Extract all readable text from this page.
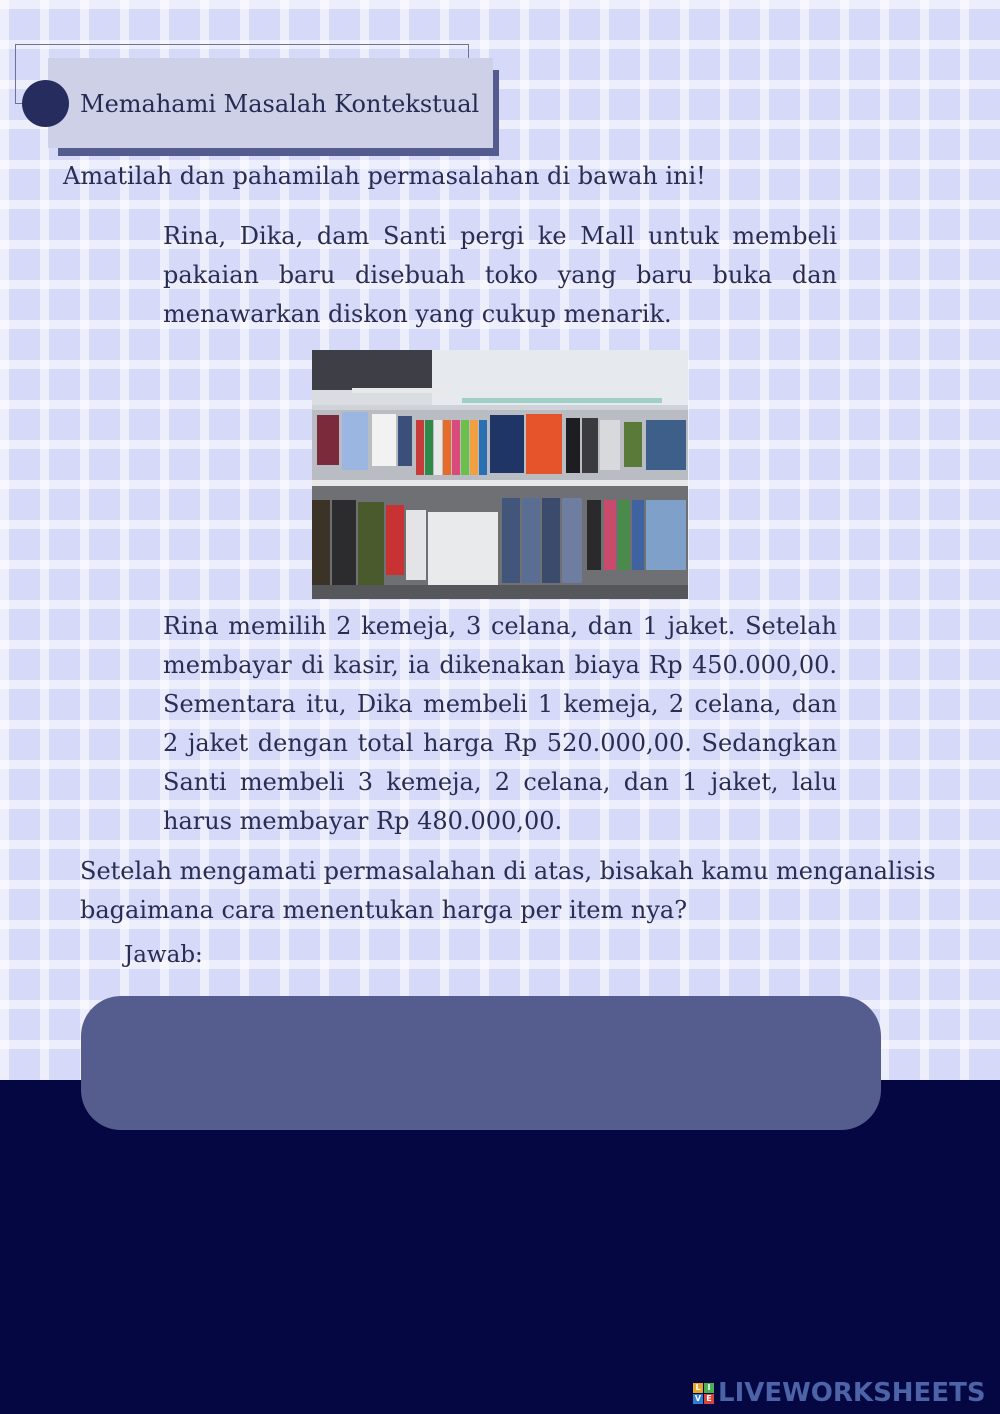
Memahami Masalah Kontekstual
Amatilah dan pahamilah permasalahan di bawah ini!
Rina, Dika, dam Santi pergi ke Mall untuk membeli pakaian baru disebuah toko yang baru buka dan menawarkan diskon yang cukup menarik.
Rina memilih 2 kemeja, 3 celana, dan 1 jaket. Setelah membayar di kasir, ia dikenakan biaya Rp 450.000,00. Sementara itu, Dika membeli 1 kemeja, 2 celana, dan 2 jaket dengan total harga Rp 520.000,00. Sedangkan Santi membeli 3 kemeja, 2 celana, dan 1 jaket, lalu harus membayar Rp 480.000,00.
Setelah mengamati permasalahan di atas, bisakah kamu menganalisis bagaimana cara menentukan harga per item nya?
Jawab:
L I
V E LIVEWORKSHEETS
